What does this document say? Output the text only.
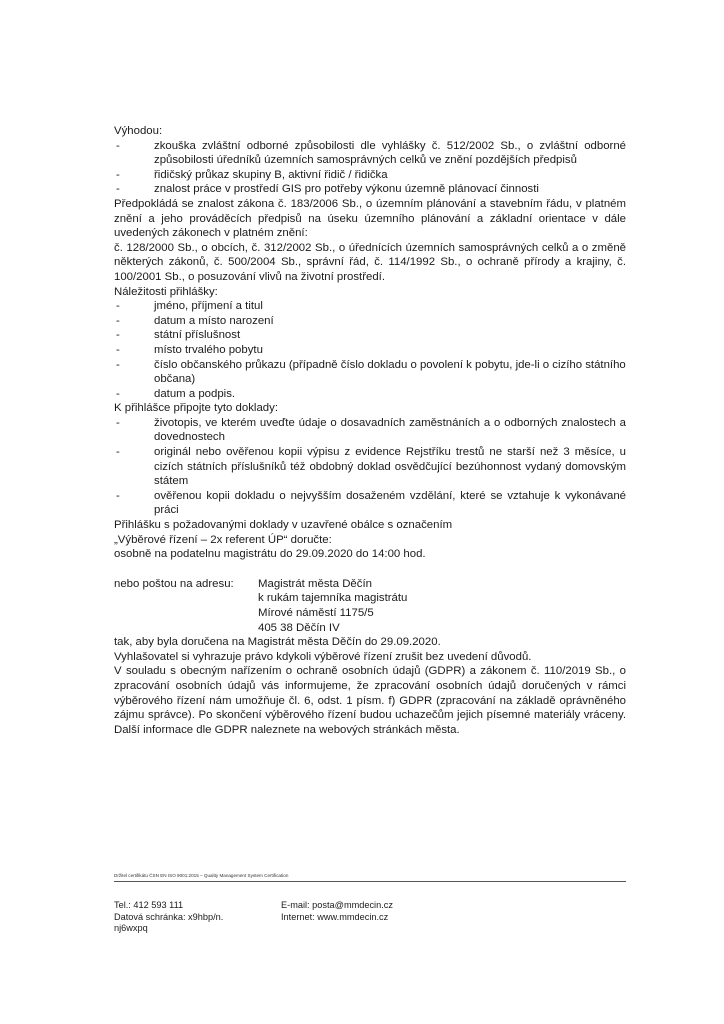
Výhodou:

- zkouška zvláštní odborné způsobilosti dle vyhlášky č. 512/2002 Sb., o zvláštní odborné způsobilosti úředníků územních samosprávných celků ve znění pozdějších předpisů
- řidičský průkaz skupiny B, aktivní řidič / řidička
- znalost práce v prostředí GIS pro potřeby výkonu územně plánovací činnosti

Předpokládá se znalost zákona č. 183/2006 Sb., o územním plánování a stavebním řádu, v platném znění a jeho prováděcích předpisů na úseku územního plánování a základní orientace v dále uvedených zákonech v platném znění:

č. 128/2000 Sb., o obcích, č. 312/2002 Sb., o úřednících územních samosprávných celků a o změně některých zákonů, č. 500/2004 Sb., správní řád, č. 114/1992 Sb., o ochraně přírody a krajiny, č. 100/2001 Sb., o posuzování vlivů na životní prostředí.

Náležitosti přihlášky:

- jméno, příjmení a titul
- datum a místo narození
- státní příslušnost
- místo trvalého pobytu
- číslo občanského průkazu (případně číslo dokladu o povolení k pobytu, jde-li o cizího státního občana)
- datum a podpis.

K přihlášce připojte tyto doklady:

- životopis, ve kterém uveďte údaje o dosavadních zaměstnáních a o odborných znalostech a dovednostech
- originál nebo ověřenou kopii výpisu z evidence Rejstříku trestů ne starší než 3 měsíce, u cizích státních příslušníků též obdobný doklad osvědčující bezúhonnost vydaný domovským státem
- ověřenou kopii dokladu o nejvyšším dosaženém vzdělání, které se vztahuje k vykonávané práci

Přihlášku s požadovanými doklady v uzavřené obálce s označením

„Výběrové řízení – 2x referent ÚP“ doručte:

osobně na podatelnu magistrátu do 29.09.2020 do 14:00 hod.

nebo poštou na adresu:	Magistrát města Děčín
k rukám tajemníka magistrátu
Mírové náměstí 1175/5
405 38 Děčín IV

tak, aby byla doručena na Magistrát města Děčín do 29.09.2020.

Vyhlašovatel si vyhrazuje právo kdykoli výběrové řízení zrušit bez uvedení důvodů.

V souladu s obecným nařízením o ochraně osobních údajů (GDPR) a zákonem č. 110/2019 Sb., o zpracování osobních údajů vás informujeme, že zpracování osobních údajů doručených v rámci výběrového řízení nám umožňuje čl. 6, odst. 1 písm. f) GDPR (zpracování na základě oprávněného zájmu správce). Po skončení výběrového řízení budou uchazečům jejich písemné materiály vráceny. Další informace dle GDPR naleznete na webových stránkách města.

Držitel certifikátu ČSN EN ISO 9001:2015 – Quality Management System Certification
Tel.: 412 593 111
Datová schránka: x9hbp/n.
nj6wxpq
E-mail: posta@mmdecin.cz
Internet: www.mmdecin.cz
